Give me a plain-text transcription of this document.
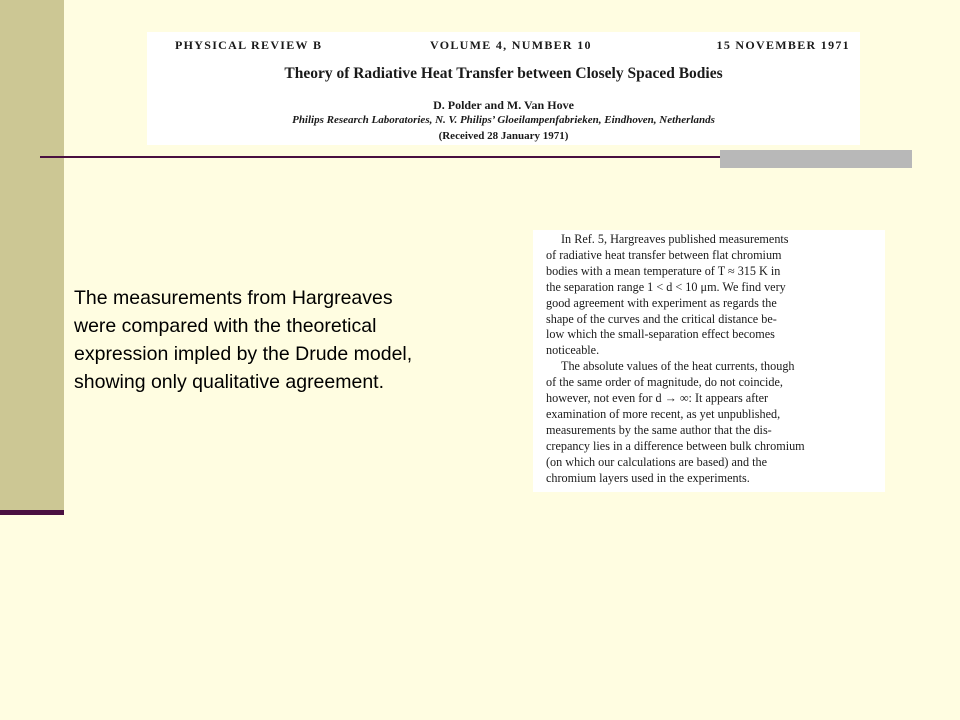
PHYSICAL REVIEW B	VOLUME 4, NUMBER 10	15 NOVEMBER 1971
Theory of Radiative Heat Transfer between Closely Spaced Bodies
D. Polder and M. Van Hove
Philips Research Laboratories, N. V. Philips’ Gloeilampenfabrieken, Eindhoven, Netherlands
(Received 28 January 1971)

The measurements from Hargreaves

were compared with the theoretical

expression impled by the Drude model,

showing only qualitative agreement.

In Ref. 5, Hargreaves published measurements
of radiative heat transfer between flat chromium
bodies with a mean temperature of T ≈ 315 K in
the separation range 1 < d < 10 μm. We find very
good agreement with experiment as regards the
shape of the curves and the critical distance be-
low which the small-separation effect becomes
noticeable.
The absolute values of the heat currents, though
of the same order of magnitude, do not coincide,
however, not even for d → ∞: It appears after
examination of more recent, as yet unpublished,
measurements by the same author that the dis-
crepancy lies in a difference between bulk chromium
(on which our calculations are based) and the
chromium layers used in the experiments.
